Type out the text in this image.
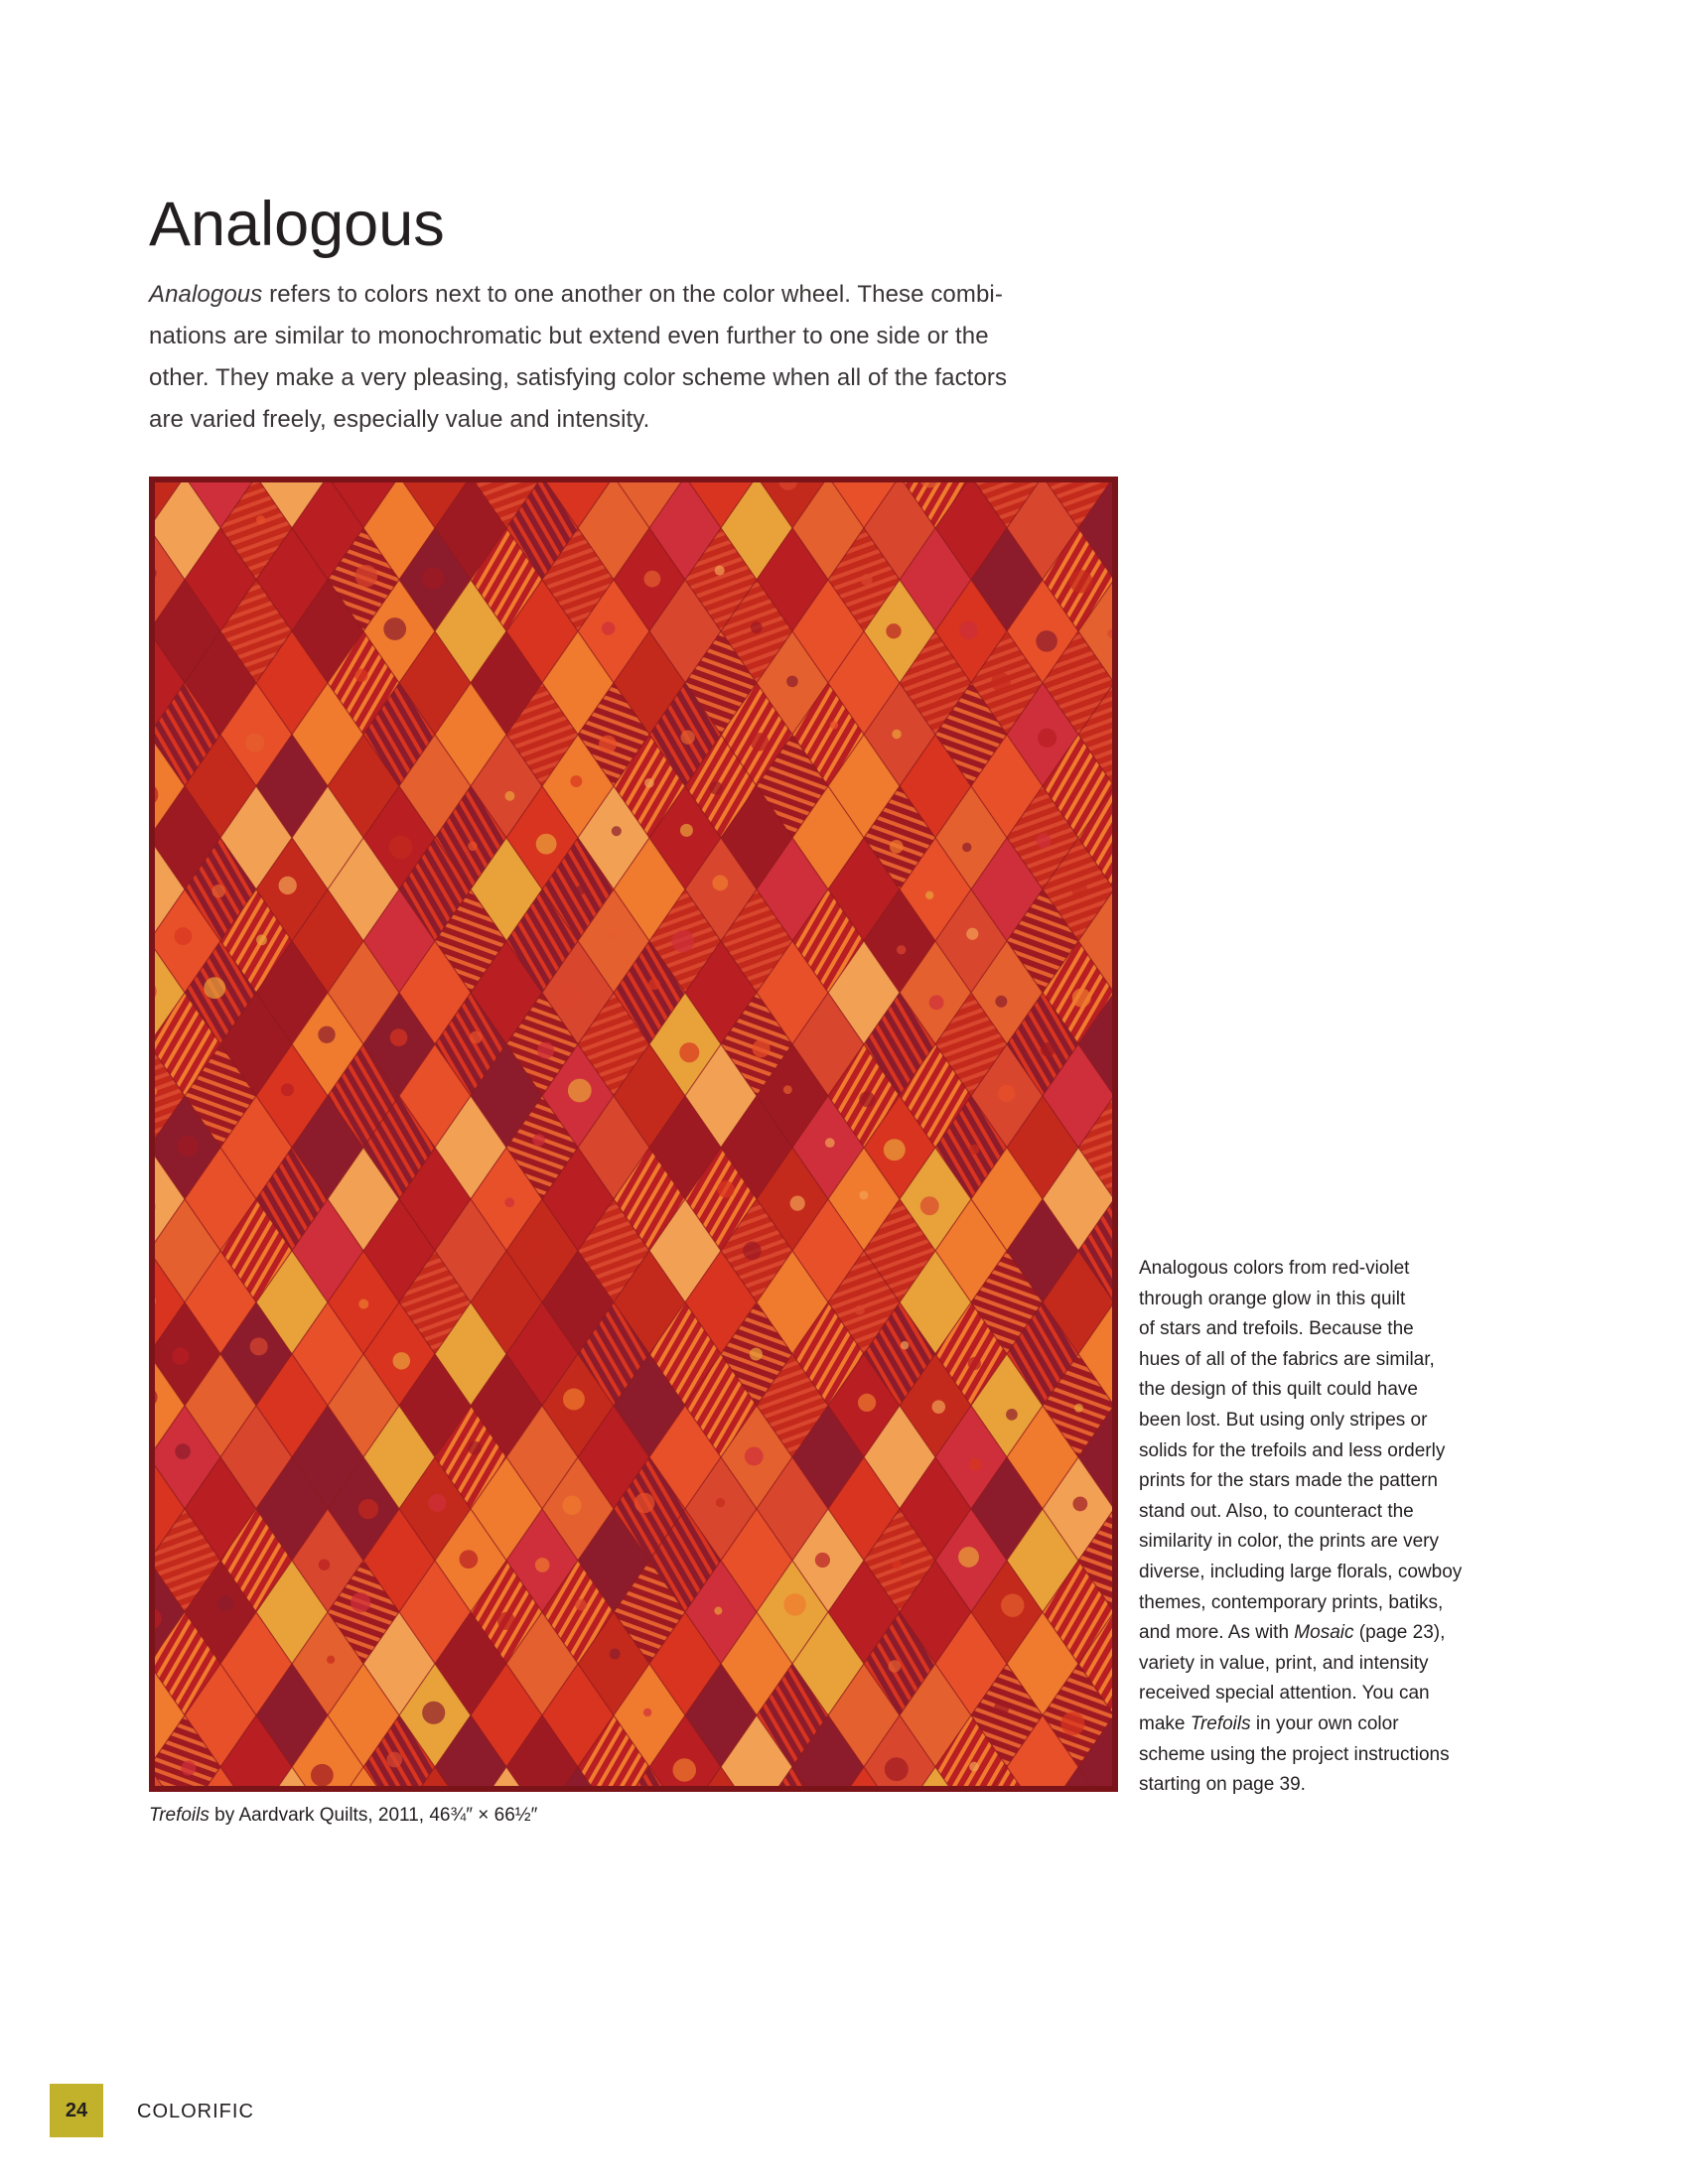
Analogous

Analogous refers to colors next to one another on the color wheel. These combi-
nations are similar to monochromatic but extend even further to one side or the
other. They make a very pleasing, satisfying color scheme when all of the factors
are varied freely, especially value and intensity.

Trefoils by Aardvark Quilts, 2011, 46¾″ × 66½″

Analogous colors from red-violet
through orange glow in this quilt
of stars and trefoils. Because the
hues of all of the fabrics are similar,
the design of this quilt could have
been lost. But using only stripes or
solids for the trefoils and less orderly
prints for the stars made the pattern
stand out. Also, to counteract the
similarity in color, the prints are very
diverse, including large florals, cowboy
themes, contemporary prints, batiks,
and more. As with Mosaic (page 23),
variety in value, print, and intensity
received special attention. You can
make Trefoils in your own color
scheme using the project instructions
starting on page 39.

24	COLORIFIC
